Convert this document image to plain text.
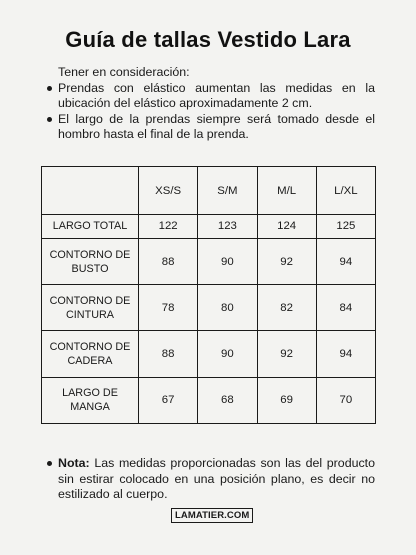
Guía de tallas Vestido Lara
Tener en consideración:
Prendas con elástico aumentan las medidas en la ubicación del elástico aproximadamente 2 cm.
El largo de la prendas siempre será tomado desde el hombro hasta el final de la prenda.
	XS/S	S/M	M/L	L/XL
LARGO TOTAL	122	123	124	125
CONTORNO DE BUSTO	88	90	92	94
CONTORNO DE CINTURA	78	80	82	84
CONTORNO DE CADERA	88	90	92	94
LARGO DE MANGA	67	68	69	70
Nota: Las medidas proporcionadas son las del producto sin estirar colocado en una posición plano, es decir no estilizado al cuerpo.
LAMATIER.COM
